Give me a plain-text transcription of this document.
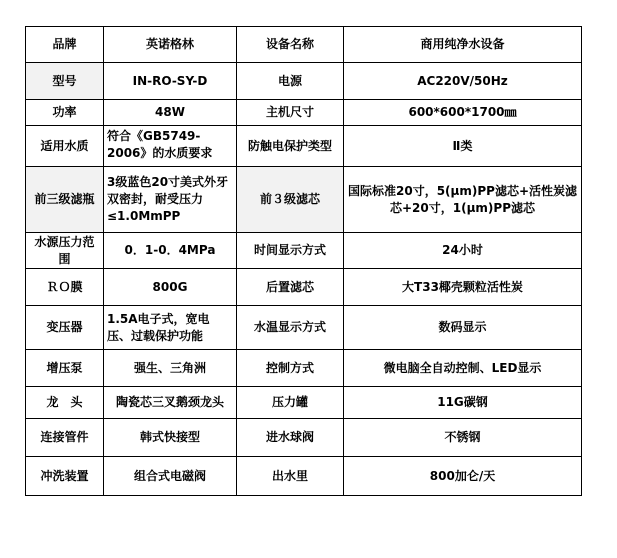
品牌	英诺格林	设备名称	商用纯净水设备
型号	IN-RO-SY-D	电源	AC220V/50Hz
功率	48W	主机尺寸	600*600*1700㎜
适用水质	符合《GB5749-2006》的水质要求	防触电保护类型	Ⅱ类
前三级滤瓶	3级蓝色20寸美式外牙双密封，耐受压力≤1.0MmPP	前３级滤芯	国际标准20寸，5(μm)PP滤芯+活性炭滤芯+20寸，1(μm)PP滤芯
水源压力范围	0．1-0．4MPa	时间显示方式	24小时
ＲＯ膜	800G	后置滤芯	大T33椰壳颗粒活性炭
变压器	1.5A电子式，宽电压、过载保护功能	水温显示方式	数码显示
增压泵	强生、三角洲	控制方式	微电脑全自动控制、LED显示
龙　头	陶瓷芯三叉鹅颈龙头	压力罐	11G碳钢
连接管件	韩式快接型	进水球阀	不锈钢
冲洗装置	组合式电磁阀	出水里	800加仑/天
